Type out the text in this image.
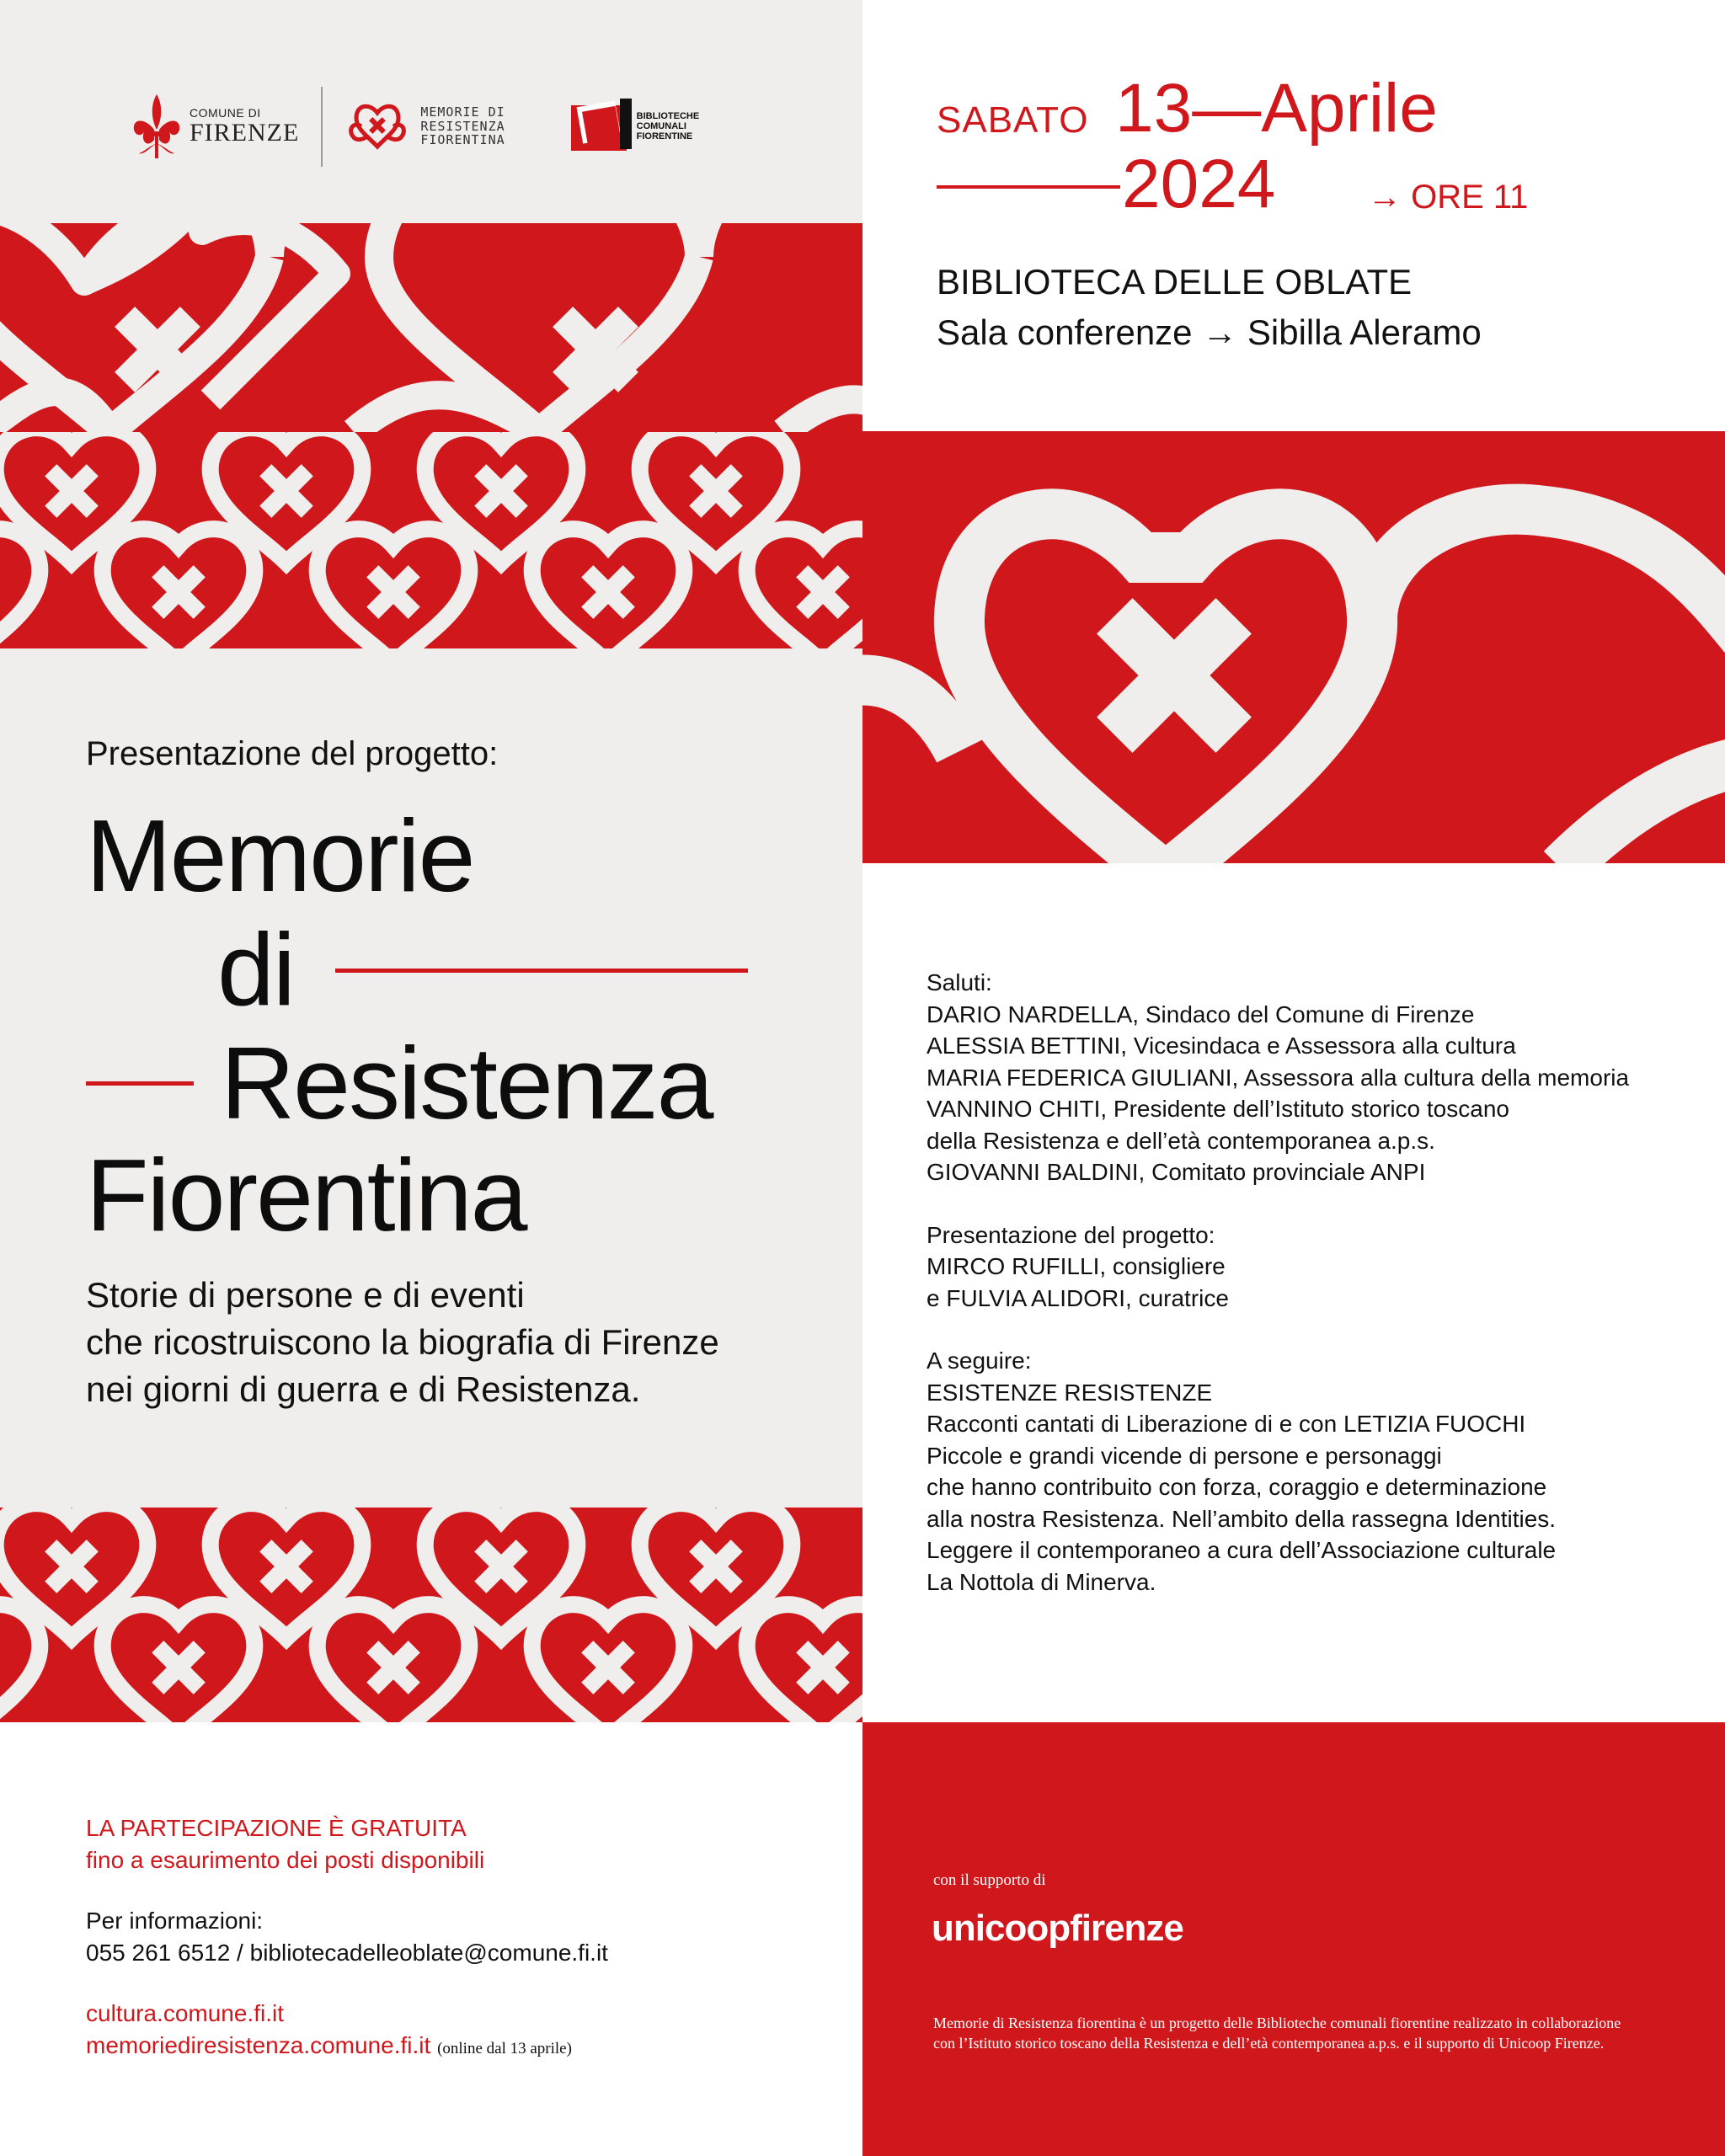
COMUNE DI
FIRENZE
MEMORIE DI
RESISTENZA
FIORENTINA
BIBLIOTECHE
COMUNALI
FIORENTINE	SABATO 13—Aprile
2024	→ ORE 11
BIBLIOTECA DELLE OBLATE
Sala conferenze → Sibilla Aleramo
Presentazione del progetto:
Memorie
di
Resistenza
Fiorentina
Storie di persone e di eventi
che ricostruiscono la biografia di Firenze
nei giorni di guerra e di Resistenza.
Saluti:
DARIO NARDELLA, Sindaco del Comune di Firenze
ALESSIA BETTINI, Vicesindaca e Assessora alla cultura
MARIA FEDERICA GIULIANI, Assessora alla cultura della memoria
VANNINO CHITI, Presidente dell’Istituto storico toscano
della Resistenza e dell’età contemporanea a.p.s.
GIOVANNI BALDINI, Comitato provinciale ANPI
Presentazione del progetto:
MIRCO RUFILLI, consigliere
e FULVIA ALIDORI, curatrice
A seguire:
ESISTENZE RESISTENZE
Racconti cantati di Liberazione di e con LETIZIA FUOCHI
Piccole e grandi vicende di persone e personaggi
che hanno contribuito con forza, coraggio e determinazione
alla nostra Resistenza. Nell’ambito della rassegna Identities.
Leggere il contemporaneo a cura dell’Associazione culturale
La Nottola di Minerva.
LA PARTECIPAZIONE È GRATUITA
fino a esaurimento dei posti disponibili
Per informazioni:
055 261 6512 / bibliotecadelleoblate@comune.fi.it
cultura.comune.fi.it
memoriediresistenza.comune.fi.it (online dal 13 aprile)
con il supporto di
unicoopfirenze
Memorie di Resistenza fiorentina è un progetto delle Biblioteche comunali fiorentine realizzato in collaborazione
con l’Istituto storico toscano della Resistenza e dell’età contemporanea a.p.s. e il supporto di Unicoop Firenze.
